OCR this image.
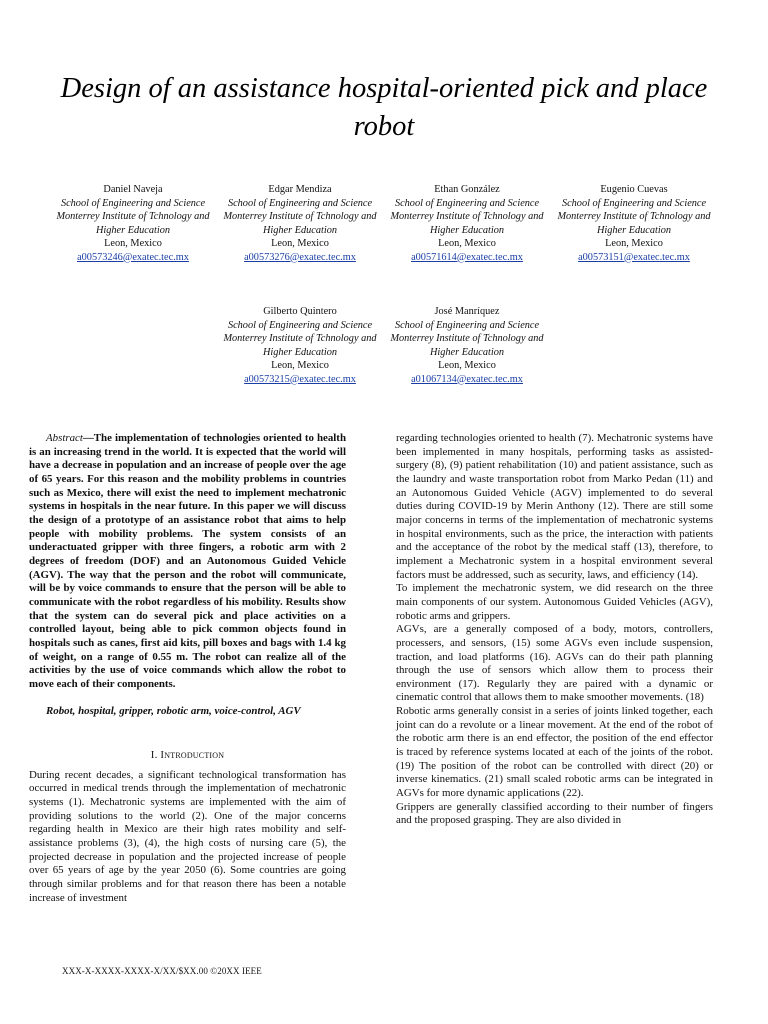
Design of an assistance hospital-oriented pick and place robot
Daniel Naveja
School of Engineering and Science
Monterrey Institute of Tchnology and Higher Education
Leon, Mexico
a00573246@exatec.tec.mx
Edgar Mendiza
School of Engineering and Science
Monterrey Institute of Tchnology and Higher Education
Leon, Mexico
a00573276@exatec.tec.mx
Ethan González
School of Engineering and Science
Monterrey Institute of Tchnology and Higher Education
Leon, Mexico
a00571614@exatec.tec.mx
Eugenio Cuevas
School of Engineering and Science
Monterrey Institute of Tchnology and Higher Education
Leon, Mexico
a00573151@exatec.tec.mx
Gilberto Quintero
School of Engineering and Science
Monterrey Institute of Tchnology and Higher Education
Leon, Mexico
a00573215@exatec.tec.mx
José Manríquez
School of Engineering and Science
Monterrey Institute of Tchnology and Higher Education
Leon, Mexico
a01067134@exatec.tec.mx

Abstract—The implementation of technologies oriented to health is an increasing trend in the world. It is expected that the world will have a decrease in population and an increase of people over the age of 65 years. For this reason and the mobility problems in countries such as Mexico, there will exist the need to implement mechatronic systems in hospitals in the near future. In this paper we will discuss the design of a prototype of an assistance robot that aims to help people with mobility problems. The system consists of an underactuated gripper with three fingers, a robotic arm with 2 degrees of freedom (DOF) and an Autonomous Guided Vehicle (AGV). The way that the person and the robot will communicate, will be by voice commands to ensure that the person will be able to communicate with the robot regardless of his mobility. Results show that the system can do several pick and place activities on a controlled layout, being able to pick common objects found in hospitals such as canes, first aid kits, pill boxes and bags with 1.4 kg of weight, on a range of 0.55 m. The robot can realize all of the activities by the use of voice commands which allow the robot to move each of their components.

Robot, hospital, gripper, robotic arm, voice-control, AGV

I. Introduction

During recent decades, a significant technological transformation has occurred in medical trends through the implementation of mechatronic systems (1). Mechatronic systems are implemented with the aim of providing solutions to the world (2). One of the major concerns regarding health in Mexico are their high rates mobility and self-assistance problems (3), (4), the high costs of nursing care (5), the projected decrease in population and the projected increase of people over 65 years of age by the year 2050 (6). Some countries are going through similar problems and for that reason there has been a notable increase of investment

regarding technologies oriented to health (7). Mechatronic systems have been implemented in many hospitals, performing tasks as assisted-surgery (8), (9) patient rehabilitation (10) and patient assistance, such as the laundry and waste transportation robot from Marko Pedan (11) and an Autonomous Guided Vehicle (AGV) implemented to do several duties during COVID-19 by Merin Anthony (12). There are still some major concerns in terms of the implementation of mechatronic systems in hospital environments, such as the price, the interaction with patients and the acceptance of the robot by the medical staff (13), therefore, to implement a Mechatronic system in a hospital environment several factors must be addressed, such as security, laws, and efficiency (14).

To implement the mechatronic system, we did research on the three main components of our system. Autonomous Guided Vehicles (AGV), robotic arms and grippers.

AGVs, are a generally composed of a body, motors, controllers, processers, and sensors, (15) some AGVs even include suspension, traction, and load platforms (16). AGVs can do their path planning through the use of sensors which allow them to process their environment (17). Regularly they are paired with a dynamic or cinematic control that allows them to make smoother movements. (18)

Robotic arms generally consist in a series of joints linked together, each joint can do a revolute or a linear movement. At the end of the robot of the robotic arm there is an end effector, the position of the end effector is traced by reference systems located at each of the joints of the robot. (19) The position of the robot can be controlled with direct (20) or inverse kinematics. (21) small scaled robotic arms can be integrated in AGVs for more dynamic applications (22).

Grippers are generally classified according to their number of fingers and the proposed grasping. They are also divided in

XXX-X-XXXX-XXXX-X/XX/$XX.00 ©20XX IEEE
